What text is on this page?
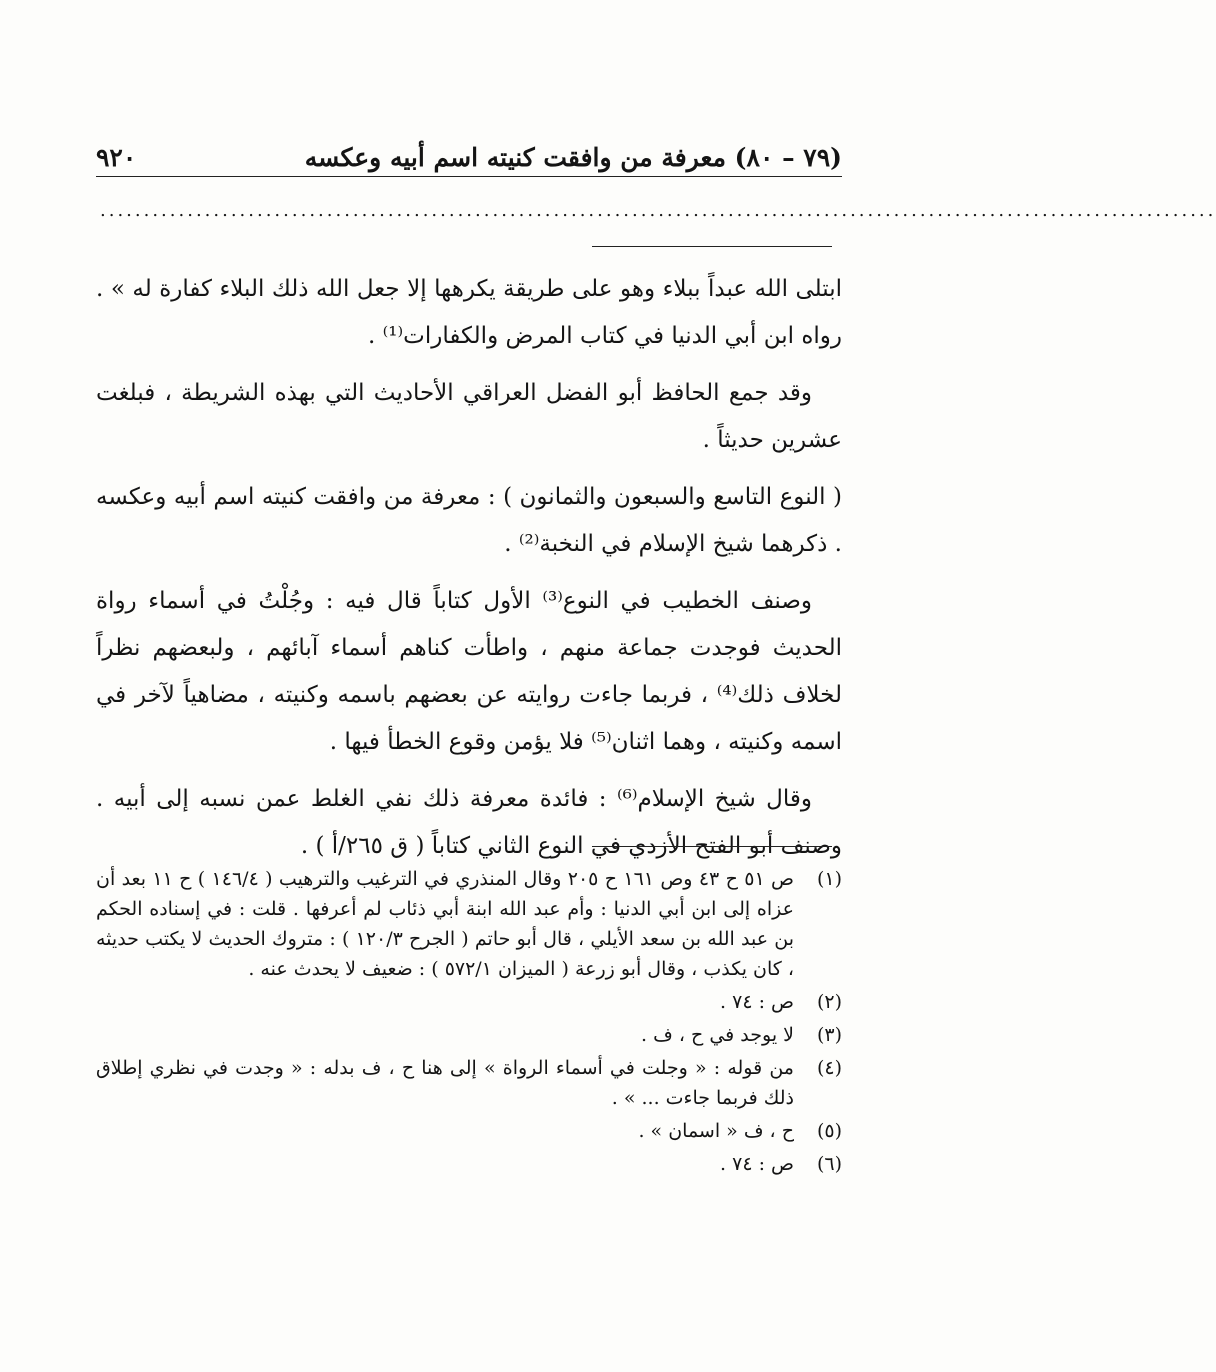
(٧٩ – ٨٠) معرفة من وافقت كنيته اسم أبيه وعكسه
٩٢٠
................................................................................................................................

ابتلى الله عبداً ببلاء وهو على طريقة يكرهها إلا جعل الله ذلك البلاء كفارة له » . رواه ابن أبي الدنيا في كتاب المرض والكفارات⁽¹⁾ .

وقد جمع الحافظ أبو الفضل العراقي الأحاديث التي بهذه الشريطة ، فبلغت عشرين حديثاً .

( النوع التاسع والسبعون والثمانون ) : معرفة من وافقت كنيته اسم أبيه وعكسه . ذكرهما شيخ الإسلام في النخبة⁽²⁾ .

وصنف الخطيب في النوع⁽³⁾ الأول كتاباً قال فيه : وجُلْتُ في أسماء رواة الحديث فوجدت جماعة منهم ، واطأت كناهم أسماء آبائهم ، ولبعضهم نظراً لخلاف ذلك⁽⁴⁾ ، فربما جاءت روايته عن بعضهم باسمه وكنيته ، مضاهياً لآخر في اسمه وكنيته ، وهما اثنان⁽⁵⁾ فلا يؤمن وقوع الخطأ فيها .

وقال شيخ الإسلام⁽⁶⁾ : فائدة معرفة ذلك نفي الغلط عمن نسبه إلى أبيه . وصنف أبو الفتح الأزدي في النوع الثاني كتاباً ( ق ٢٦٥/أ ) .

(١)
ص ٥١ ح ٤٣ وص ١٦١ ح ٢٠٥ وقال المنذري في الترغيب والترهيب ( ١٤٦/٤ ) ح ١١ بعد أن عزاه إلى ابن أبي الدنيا : وأم عبد الله ابنة أبي ذئاب لم أعرفها . قلت : في إسناده الحكم بن عبد الله بن سعد الأيلي ، قال أبو حاتم ( الجرح ١٢٠/٣ ) : متروك الحديث لا يكتب حديثه ، كان يكذب ، وقال أبو زرعة ( الميزان ٥٧٢/١ ) : ضعيف لا يحدث عنه .
(٢)
ص : ٧٤ .
(٣)
لا يوجد في ح ، ف .
(٤)
من قوله : « وجلت في أسماء الرواة » إلى هنا ح ، ف بدله : « وجدت في نظري إطلاق ذلك فربما جاءت ... » .
(٥)
ح ، ف « اسمان » .
(٦)
ص : ٧٤ .
